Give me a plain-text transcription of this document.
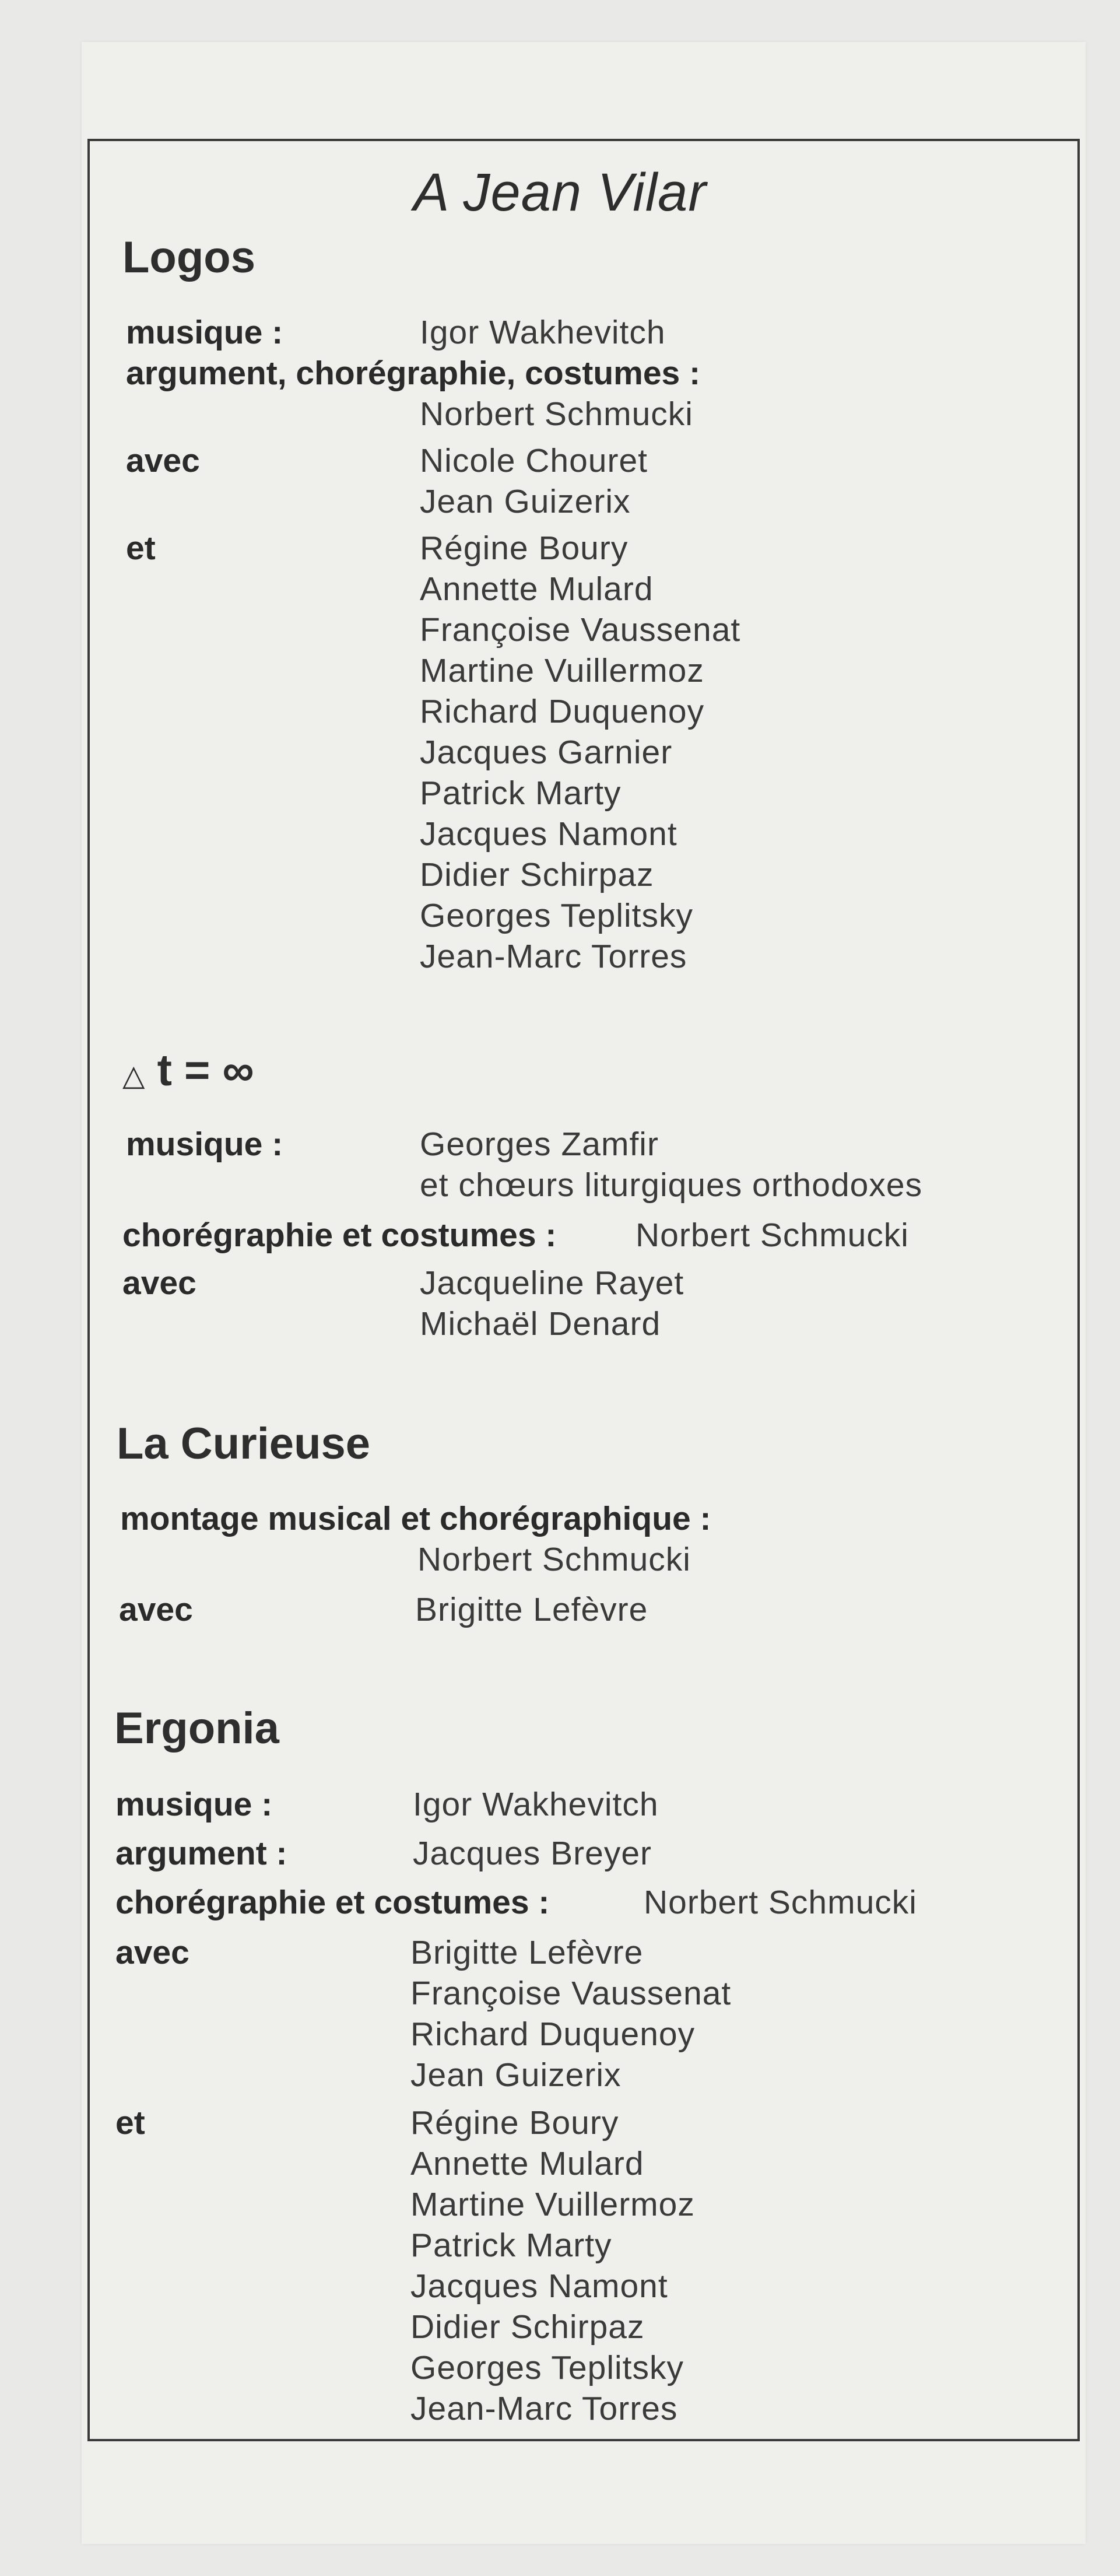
A Jean Vilar
Logos
musique :	Igor Wakhevitch
argument, chorégraphie, costumes :
Norbert Schmucki
avec	Nicole Chouret
Jean Guizerix
et	Régine Boury
Annette Mulard
Françoise Vaussenat
Martine Vuillermoz
Richard Duquenoy
Jacques Garnier
Patrick Marty
Jacques Namont
Didier Schirpaz
Georges Teplitsky
Jean-Marc Torres
△ t = ∞
musique :	Georges Zamfir
et chœurs liturgiques orthodoxes
chorégraphie et costumes : Norbert Schmucki
avec	Jacqueline Rayet
Michaël Denard
La Curieuse
montage musical et chorégraphique :
Norbert Schmucki
avec	Brigitte Lefèvre
Ergonia
musique :	Igor Wakhevitch
argument :	Jacques Breyer
chorégraphie et costumes :	Norbert Schmucki
avec	Brigitte Lefèvre
Françoise Vaussenat
Richard Duquenoy
Jean Guizerix
et	Régine Boury
Annette Mulard
Martine Vuillermoz
Patrick Marty
Jacques Namont
Didier Schirpaz
Georges Teplitsky
Jean-Marc Torres
